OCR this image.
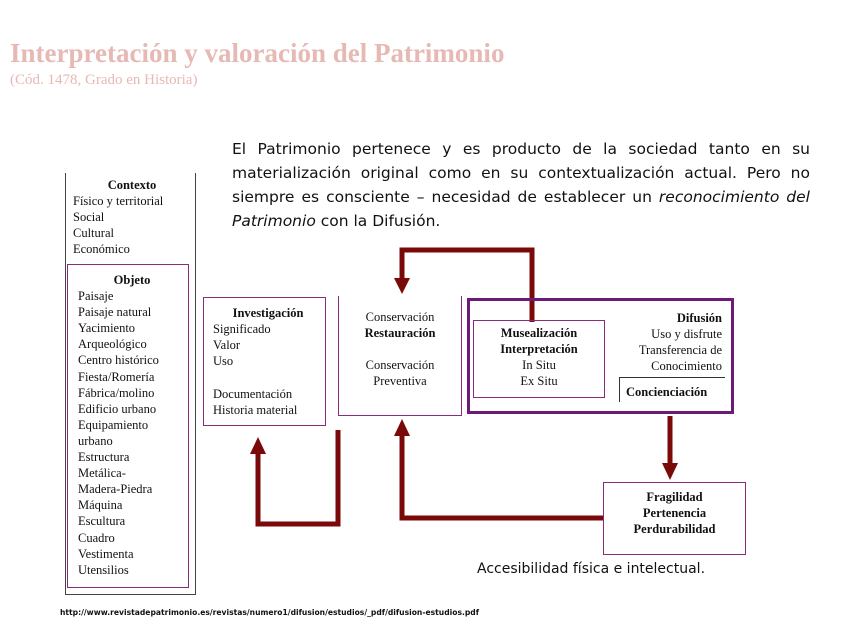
Interpretación y valoración del Patrimonio
(Cód. 1478, Grado en Historia)
El Patrimonio pertenece y es producto de la sociedad tanto en su materialización original como en su contextualización actual. Pero no siempre es consciente – necesidad de establecer un reconocimiento del Patrimonio con la Difusión.
Contexto
Físico y territorial
Social
Cultural
Económico
Objeto
Paisaje
Paisaje natural
Yacimiento
Arqueológico
Centro histórico
Fiesta/Romería
Fábrica/molino
Edificio urbano
Equipamiento
urbano
Estructura
Metálica-
Madera-Piedra
Máquina
Escultura
Cuadro
Vestimenta
Utensilios
Investigación
Significado
Valor
Uso
Documentación
Historia material
Conservación
Restauración
Conservación
Preventiva
Musealización
Interpretación
In Situ
Ex Situ
Difusión
Uso y disfrute
Transferencia de
Conocimiento
Concienciación
Fragilidad
Pertenencia
Perdurabilidad
Accesibilidad física e intelectual.
http://www.revistadepatrimonio.es/revistas/numero1/difusion/estudios/_pdf/difusion-estudios.pdf
